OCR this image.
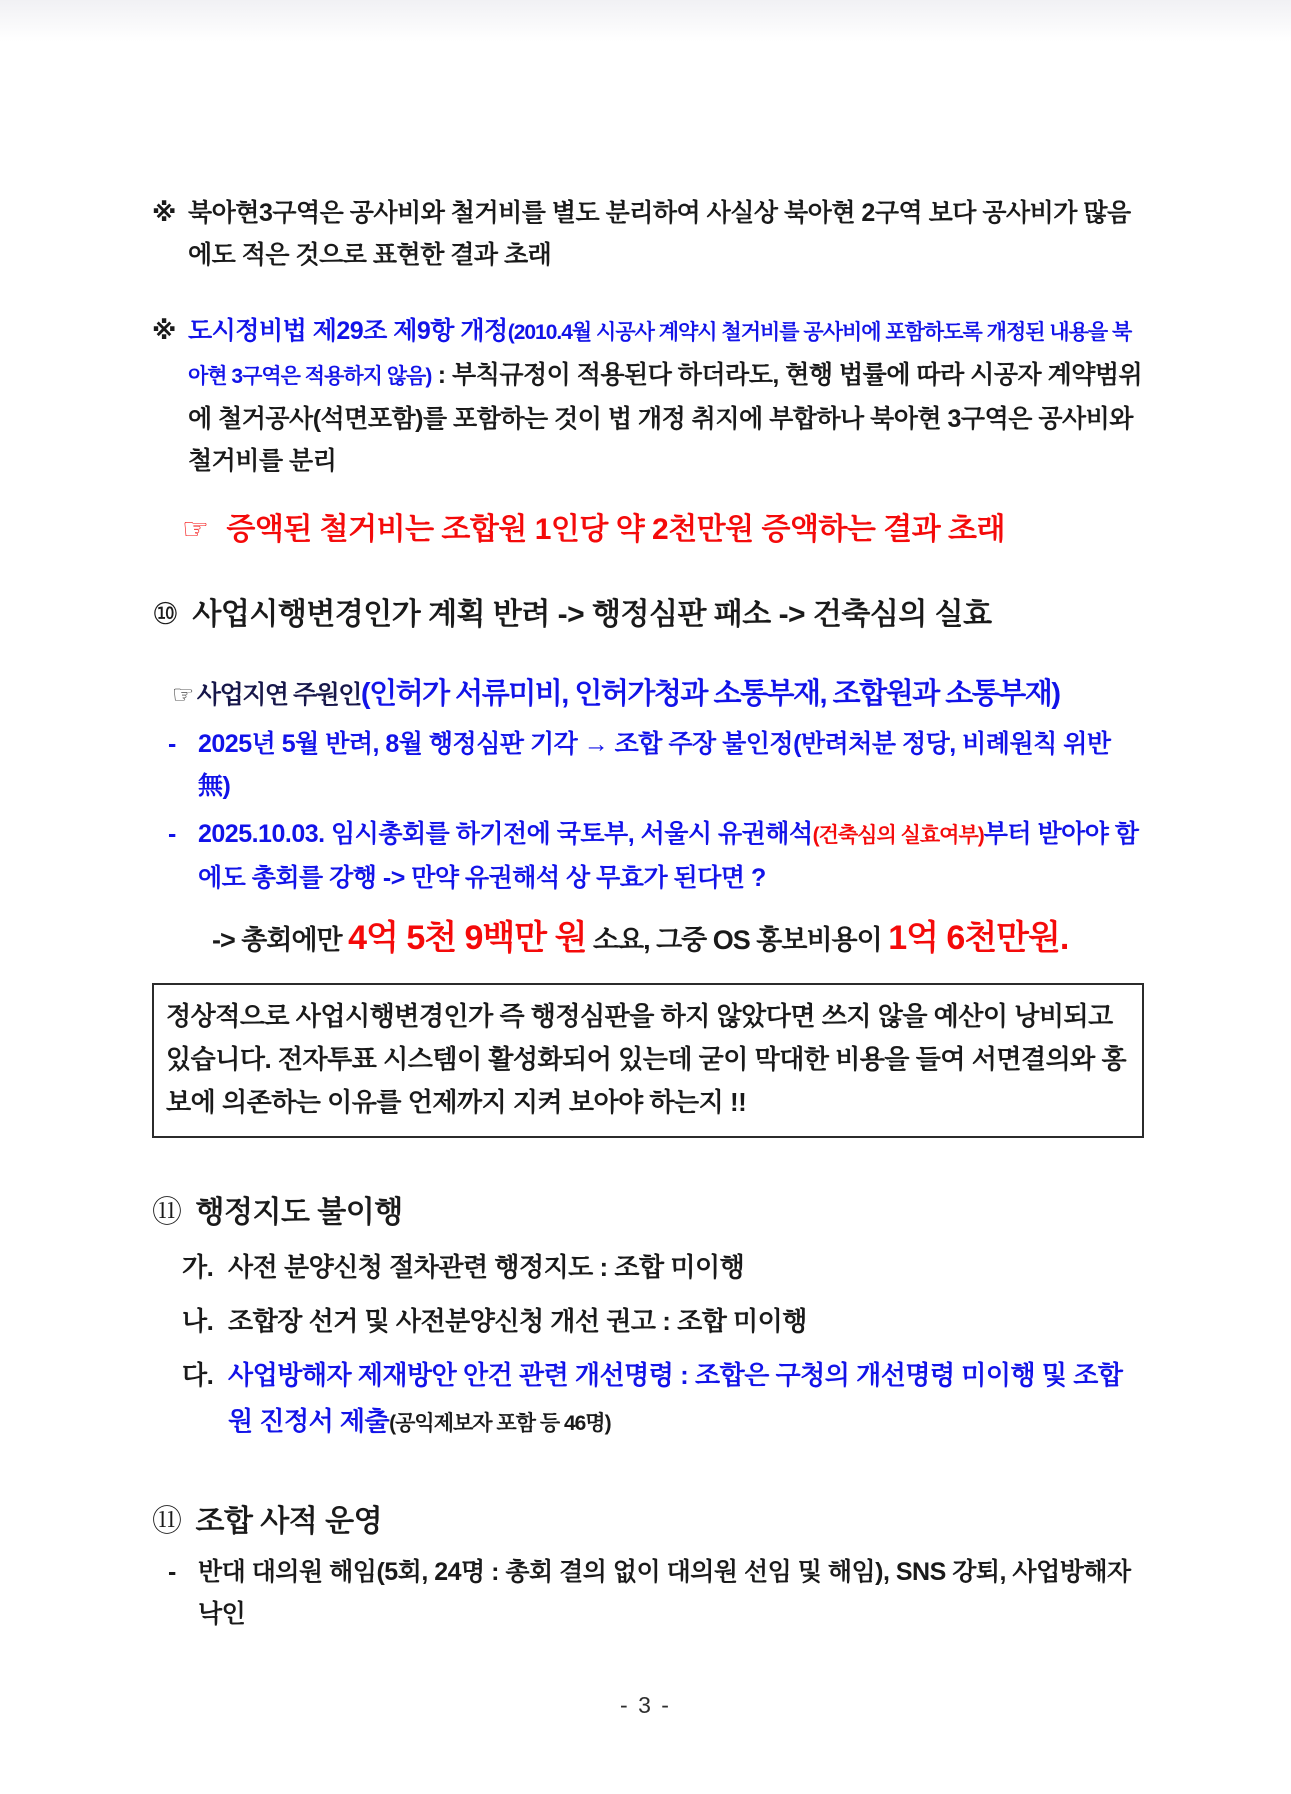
※ 북아현3구역은 공사비와 철거비를 별도 분리하여 사실상 북아현 2구역 보다 공사비가 많음에도 적은 것으로 표현한 결과 초래

※ 도시정비법 제29조 제9항 개정(2010.4월 시공사 계약시 철거비를 공사비에 포함하도록 개정된 내용을 북아현 3구역은 적용하지 않음) : 부칙규정이 적용된다 하더라도, 현행 법률에 따라 시공자 계약범위에 철거공사(석면포함)를 포함하는 것이 법 개정 취지에 부합하나 북아현 3구역은 공사비와 철거비를 분리

☞ 증액된 철거비는 조합원 1인당 약 2천만원 증액하는 결과 초래

⑩ 사업시행변경인가 계획 반려 -> 행정심판 패소 -> 건축심의 실효

☞ 사업지연 주원인(인허가 서류미비, 인허가청과 소통부재, 조합원과 소통부재)

- 2025년 5월 반려, 8월 행정심판 기각 → 조합 주장 불인정(반려처분 정당, 비례원칙 위반 無)

- 2025.10.03. 임시총회를 하기전에 국토부, 서울시 유권해석(건축심의 실효여부)부터 받아야 함에도 총회를 강행 -> 만약 유권해석 상 무효가 된다면 ?

-> 총회에만 4억 5천 9백만 원 소요, 그중 OS 홍보비용이 1억 6천만원.

정상적으로 사업시행변경인가 즉 행정심판을 하지 않았다면 쓰지 않을 예산이 낭비되고 있습니다. 전자투표 시스템이 활성화되어 있는데 굳이 막대한 비용을 들여 서면결의와 홍보에 의존하는 이유를 언제까지 지켜 보아야 하는지 !!

⑪ 행정지도 불이행

가. 사전 분양신청 절차관련 행정지도 : 조합 미이행

나. 조합장 선거 및 사전분양신청 개선 권고 : 조합 미이행

다. 사업방해자 제재방안 안건 관련 개선명령 : 조합은 구청의 개선명령 미이행 및 조합원 진정서 제출(공익제보자 포함 등 46명)

⑪ 조합 사적 운영

- 반대 대의원 해임(5회, 24명 : 총회 결의 없이 대의원 선임 및 해임), SNS 강퇴, 사업방해자 낙인

- 3 -
